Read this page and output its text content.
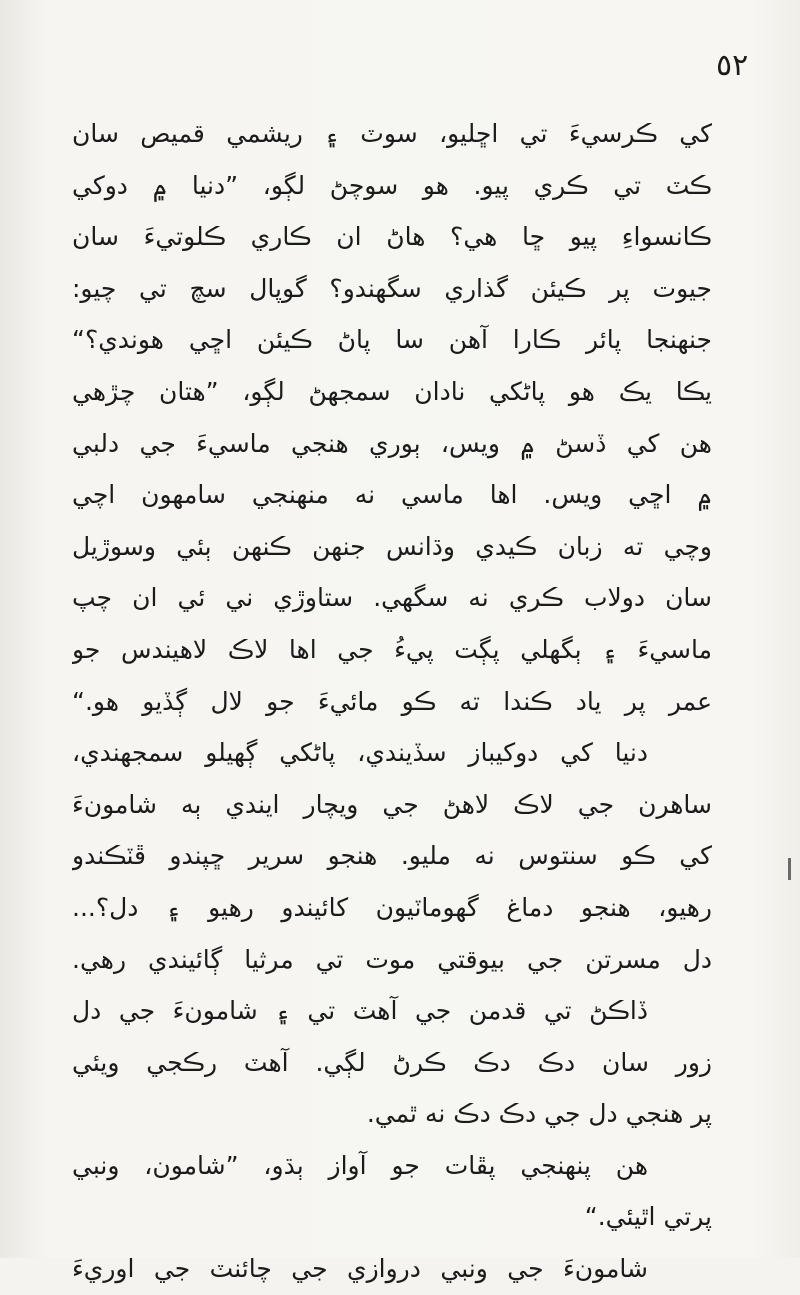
٥٢
کي ڪرسيءَ تي اڇليو، سوٽ ۽ ريشمي قميص سان
ڪٽ تي ڪري پيو. هو سوچڻ لڳو، ”دنيا ۾ دوکي
ڪانسواءِ پيو ڇا هي؟ هاڻ ان ڪاري ڪلوتيءَ سان
جيوت پر ڪيئن گذاري سگهندو؟ گوپال سچ تي چيو:
جنهنجا پائر ڪارا آهن سا پاڻ ڪيئن اڇي هوندي؟“
يڪا يڪ هو پاڻکي نادان سمجهڻ لڳو، ”هتان چڙهي
هن کي ڏسڻ ۾ ويس، ٻوري هنجي ماسيءَ جي دلبي
۾ اڇي ويس. اها ماسي نه منهنجي سامهون اچي
وچي ته زبان ڪيدي وڌانس جنهن ڪنهن ٻئي وسوڙيل
سان دولاب ڪري نه سگهي. ستاوڙي ني ئي ان چپ
ماسيءَ ۽ ٻگهلي پڳت پيءُ جي اها لاڪ لاهيندس جو
عمر پر ياد ڪندا ته ڪو مائيءَ جو لال ڳڏيو هو.“
دنيا کي دوکيباز سڏيندي، پاڻکي ڳهيلو سمجهندي،
ساهرن جي لاڪ لاهڻ جي ويچار ايندي ٻه شامونءَ
کي ڪو سنتوس نه مليو. هنجو سرير ڇپندو ڦٽڪندو
رهيو، هنجو دماغ گهوماٽيون کائيندو رهيو ۽ دل؟...
دل مسرتن جي بيوقتي موت تي مرثيا ڳائيندي رهي.
ڏاڪڻ تي قدمن جي آهٽ تي ۽ شامونءَ جي دل
زور سان دڪ دڪ ڪرڻ لڳي. آهٽ رڪجي ويئي
پر هنجي دل جي دڪ دڪ نه ٿمي.
هن پنهنجي پڦات جو آواز ٻڌو، ”شامون، ونبي
پرتي اٿيئي.“
شامونءَ جي ونبي دروازي جي چائنٽ جي اوريءَ
